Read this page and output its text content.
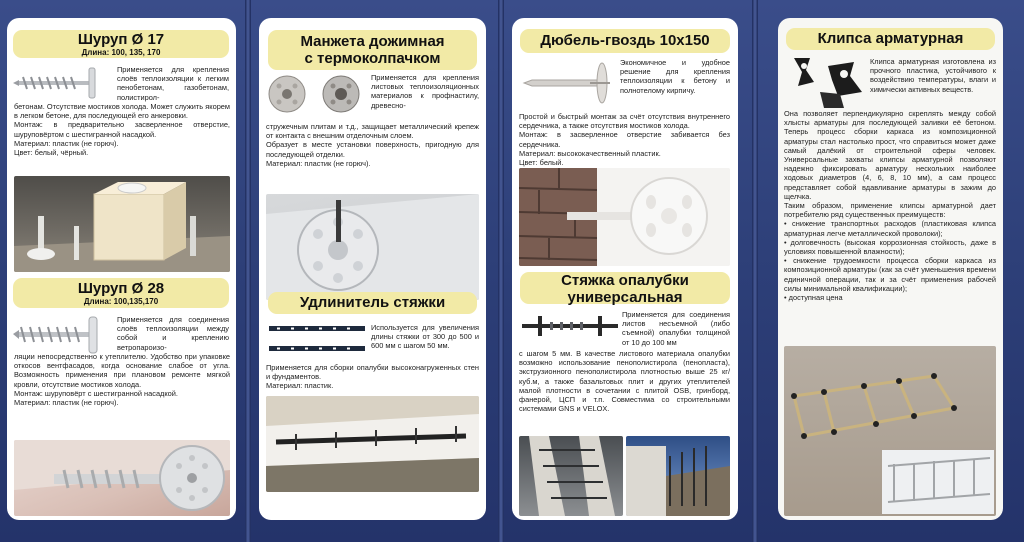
Шуруп Ø 17
Длина: 100, 135, 170
Применяется для крепления слоёв теплоизоляции к легким пенобетонам, газобетонам, полистирол-

бетонам. Отсутствие мостиков холода. Может служить якорем в легком бетоне, для последующей его анкеровки.

Монтаж: в предварительно засверленное отверстие, шуруповёртом с шестигранной насадкой.

Материал: пластик (не горюч).

Цвет: белый, чёрный.

Шуруп Ø 28
Длина: 100,135,170
Применяется для соединения слоёв теплоизоляции между собой и креплению ветропароизо-

ляции непосредственно к утеплителю. Удобство при упаковке откосов вентфасадов, когда основание слабое от угла. Возможность применения при плановом ремонте мягкой кровли, отсутствие мостиков холода.

Монтаж: шуруповёрт с шестигранной насадкой.

Материал: пластик (не горюч).

Манжета дожимная
с термоколпачком
Применяется для крепления листовых теплоизоляционных материалов к профнастилу, древесно-

стружечным плитам и т.д., защищает металлический крепеж от контакта с внешним отделочным слоем.

Образует в месте установки поверхность, пригодную для последующей отделки.

Материал: пластик (не горюч).

Удлинитель стяжки
Используется для увеличения длины стяжки от 300 до 500 и 600 мм с шагом 50 мм.

Применяется для сборки опалубки высоконагруженных стен и фундаментов.

Материал: пластик.

Дюбель-гвоздь 10x150
Экономичное и удобное решение для крепления теплоизоляции к бетону и полнотелому кирпичу.

Простой и быстрый монтаж за счёт отсутствия внутреннего сердечника, а также отсутствия мостиков холода.

Монтаж: в засверленное отверстие забивается без сердечника.

Материал: высококачественный пластик.

Цвет: белый.

Стяжка опалубки
универсальная
Применяется для соединения листов несъемной (либо съемной) опалубки толщиной от 10 до 100 мм

с шагом 5 мм. В качестве листового материала опалубки возможно использование пенополистирола (пенопласта), экструзионного пенополистирола плотностью выше 25 кг/куб.м, а также базальтовых плит и других утеплителей малой плотности в сочетании с плитой OSB, гринборд, фанерой, ЦСП и т.п. Совместима со строительными системами GNS и VELOX.

Клипса арматурная
Клипса арматурная изготовлена из прочного пластика, устойчивого к воздействию температуры, влаги и химически активных веществ.

Она позволяет перпендикулярно скреплять между собой хлысты арматуры для последующей заливки её бетоном. Теперь процесс сборки каркаса из композиционной арматуры стал настолько прост, что справиться может даже самый далёкий от строительной сферы человек. Универсальные захваты клипсы арматурной позволяют надежно фиксировать арматуру нескольких наиболее ходовых диаметров (4, 6, 8, 10 мм), а сам процесс представляет собой вдавливание арматуры в зажим до щелчка.

Таким образом, применение клипсы арматурной дает потребителю ряд существенных преимуществ:

• снижение транспортных расходов (пластиковая клипса арматурная легче металлической проволоки);

• долговечность (высокая коррозионная стойкость, даже в условиях повышенной влажности);

• снижение трудоемкости процесса сборки каркаса из композиционной арматуры (как за счёт уменьшения времени единичной операции, так и за счёт применения рабочей силы минимальной квалификации);

• доступная цена
